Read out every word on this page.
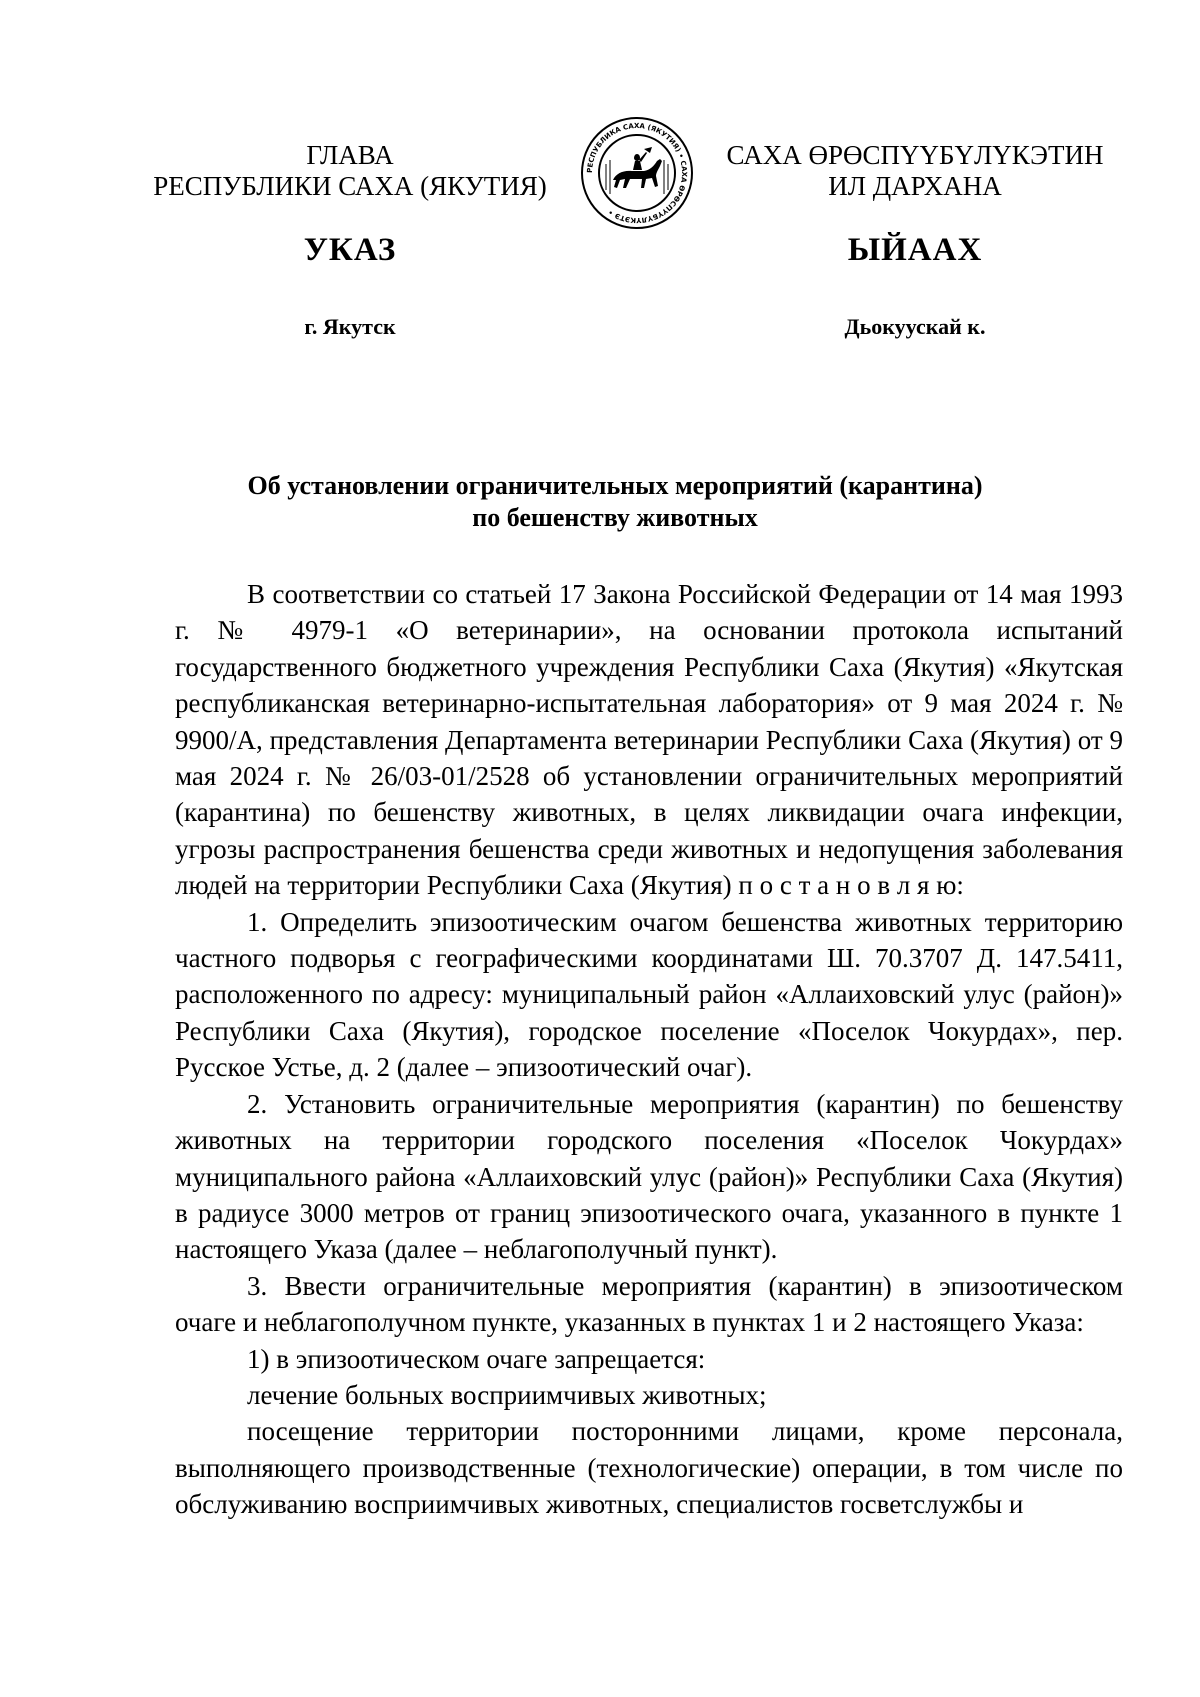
ГЛАВА
РЕСПУБЛИКИ САХА (ЯКУТИЯ)
РЕСПУБЛИКА САХА (ЯКУТИЯ) • САХА ӨРӨСПҮҮБҮЛҮКЭТЭ •
САХА ӨРӨСПҮҮБҮЛҮКЭТИН
ИЛ ДАРХАНА
УКАЗ	ЫЙААХ
г. Якутск	Дьокуускай к.
Об установлении ограничительных мероприятий (карантина)
по бешенству животных

В соответствии со статьей 17 Закона Российской Федерации от 14 мая 1993 г. № 4979-1 «О ветеринарии», на основании протокола испытаний государственного бюджетного учреждения Республики Саха (Якутия) «Якутская республиканская ветеринарно-испытательная лаборатория» от 9 мая 2024 г. № 9900/А, представления Департамента ветеринарии Республики Саха (Якутия) от 9 мая 2024 г. № 26/03-01/2528 об установлении ограничительных мероприятий (карантина) по бешенству животных, в целях ликвидации очага инфекции, угрозы распространения бешенства среди животных и недопущения заболевания людей на территории Республики Саха (Якутия) п о с т а н о в л я ю:

1. Определить эпизоотическим очагом бешенства животных территорию частного подворья с географическими координатами Ш. 70.3707 Д. 147.5411, расположенного по адресу: муниципальный район «Аллаиховский улус (район)» Республики Саха (Якутия), городское поселение «Поселок Чокурдах», пер. Русское Устье, д. 2 (далее – эпизоотический очаг).

2. Установить ограничительные мероприятия (карантин) по бешенству животных на территории городского поселения «Поселок Чокурдах» муниципального района «Аллаиховский улус (район)» Республики Саха (Якутия) в радиусе 3000 метров от границ эпизоотического очага, указанного в пункте 1 настоящего Указа (далее – неблагополучный пункт).

3. Ввести ограничительные мероприятия (карантин) в эпизоотическом очаге и неблагополучном пункте, указанных в пунктах 1 и 2 настоящего Указа:

1) в эпизоотическом очаге запрещается:

лечение больных восприимчивых животных;

посещение территории посторонними лицами, кроме персонала, выполняющего производственные (технологические) операции, в том числе по обслуживанию восприимчивых животных, специалистов госветслужбы и
